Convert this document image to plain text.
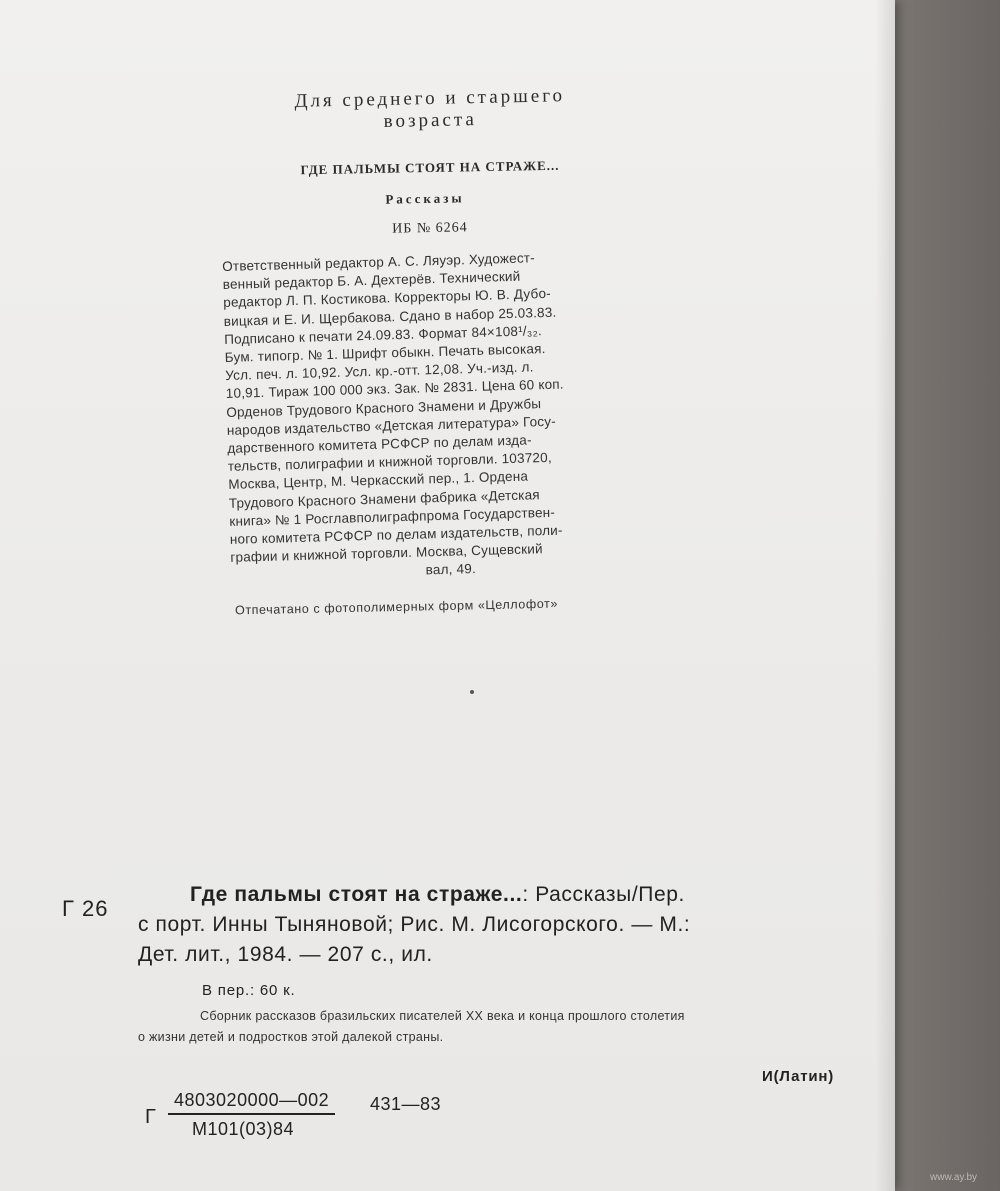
Для среднего и старшего
возраста
ГДЕ ПАЛЬМЫ СТОЯТ НА СТРАЖЕ...
Рассказы
ИБ № 6264
Ответственный редактор А. С. Ляуэр. Художест-
венный редактор Б. А. Дехтерёв. Технический
редактор Л. П. Костикова. Корректоры Ю. В. Дубо-
вицкая и Е. И. Щербакова. Сдано в набор 25.03.83.
Подписано к печати 24.09.83. Формат 84×108¹/₃₂.
Бум. типогр. № 1. Шрифт обыкн. Печать высокая.
Усл. печ. л. 10,92. Усл. кр.-отт. 12,08. Уч.-изд. л.
10,91. Тираж 100 000 экз. Зак. № 2831. Цена 60 коп.
Орденов Трудового Красного Знамени и Дружбы
народов издательство «Детская литература» Госу-
дарственного комитета РСФСР по делам изда-
тельств, полиграфии и книжной торговли. 103720,
Москва, Центр, М. Черкасский пер., 1. Ордена
Трудового Красного Знамени фабрика «Детская
книга» № 1 Росглавполиграфпрома Государствен-
ного комитета РСФСР по делам издательств, поли-
графии и книжной торговли. Москва, Сущевский
вал, 49.
Отпечатано с фотополимерных форм «Целлофот»
Г 26
Где пальмы стоят на страже...: Рассказы/Пер.
с порт. Инны Тыняновой; Рис. М. Лисогорского. — М.:
Дет. лит., 1984. — 207 с., ил.
В пер.: 60 к.
Сборник рассказов бразильских писателей XX века и конца прошлого столетия
о жизни детей и подростков этой далекой страны.
И(Латин)
Г
4803020000—002
М101(03)84
431—83
www.ay.by
